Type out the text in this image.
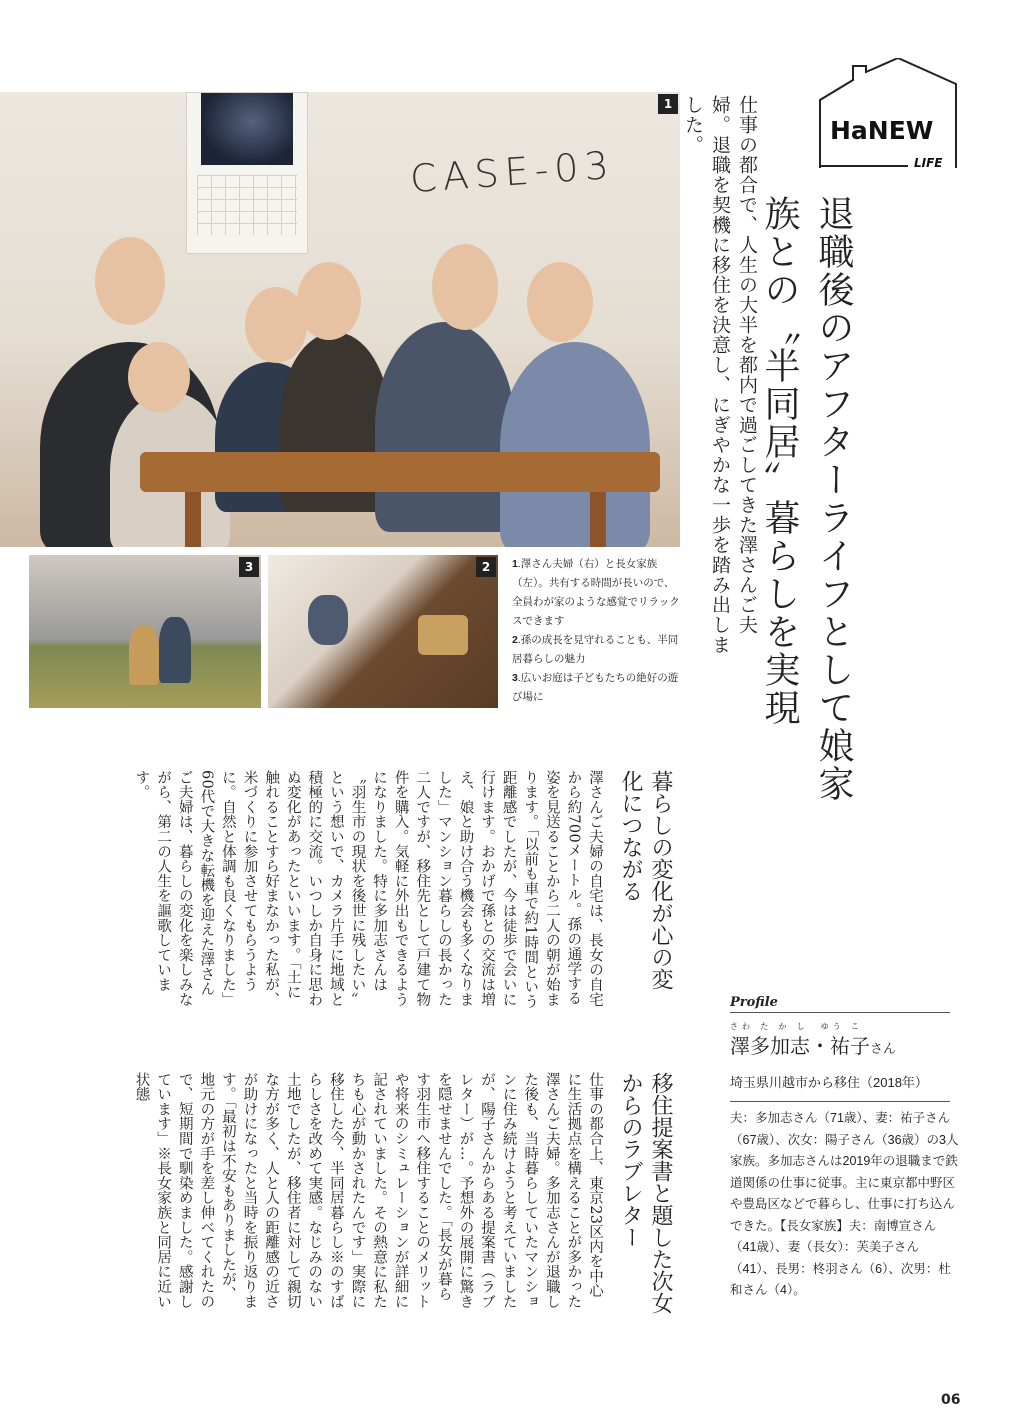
1
CASE-03
3	2	1.澤さん夫婦（右）と長女家族（左）。共有する時間が長いので、全員わが家のような感覚でリラックスできます
2.孫の成長を見守れることも、半同居暮らしの魅力
3.広いお庭は子どもたちの絶好の遊び場に
HaNEW
LIFE
仕事の都合で、人生の大半を都内で過ごしてきた澤さんご夫婦。退職を契機に移住を決意し、にぎやかな一歩を踏み出しました。
退職後のアフターライフとして娘家族との〝半同居〟暮らしを実現
暮らしの変化が心の変化につながる
澤さんご夫婦の自宅は、長女の自宅から約700メートル。孫の通学する姿を見送ることから二人の朝が始まります。「以前も車で約1時間という距離感でしたが、今は徒歩で会いに行けます。おかげで孫との交流は増え、娘と助け合う機会も多くなりました」マンション暮らしの長かった二人ですが、移住先として戸建て物件を購入。気軽に外出もできるようになりました。特に多加志さんは〝羽生市の現状を後世に残したい〟という想いで、カメラ片手に地域と積極的に交流。いつしか自身に思わぬ変化があったといいます。「土に触れることすら好まなかった私が、米づくりに参加させてもらうように。自然と体調も良くなりました」60代で大きな転機を迎えた澤さんご夫婦は、暮らしの変化を楽しみながら、第二の人生を謳歌しています。
移住提案書と題した次女からのラブレター
仕事の都合上、東京23区内を中心に生活拠点を構えることが多かった澤さんご夫婦。多加志さんが退職した後も、当時暮らしていたマンションに住み続けようと考えていましたが、陽子さんからある提案書（ラブレター）が…。予想外の展開に驚きを隠せませんでした。「長女が暮らす羽生市へ移住することのメリットや将来のシミュレーションが詳細に記されていました。その熱意に私たちも心が動かされたんです」実際に移住した今、半同居暮らし※のすばらしさを改めて実感。なじみのない土地でしたが、移住者に対して親切な方が多く、人と人の距離感の近さが助けになったと当時を振り返ります。「最初は不安もありましたが、地元の方が手を差し伸べてくれたので、短期間で馴染めました。感謝しています」※長女家族と同居に近い状態
Profile
さわ た か し　ゆう こ
澤多加志・祐子さん
埼玉県川越市から移住（2018年）
夫：多加志さん（71歳）、妻：祐子さん（67歳）、次女：陽子さん（36歳）の3人家族。多加志さんは2019年の退職まで鉄道関係の仕事に従事。主に東京都中野区や豊島区などで暮らし、仕事に打ち込んできた。【長女家族】夫：南博宣さん（41歳）、妻（長女）：芙美子さん（41）、長男：柊羽さん（6）、次男：杜和さん（4）。
06
